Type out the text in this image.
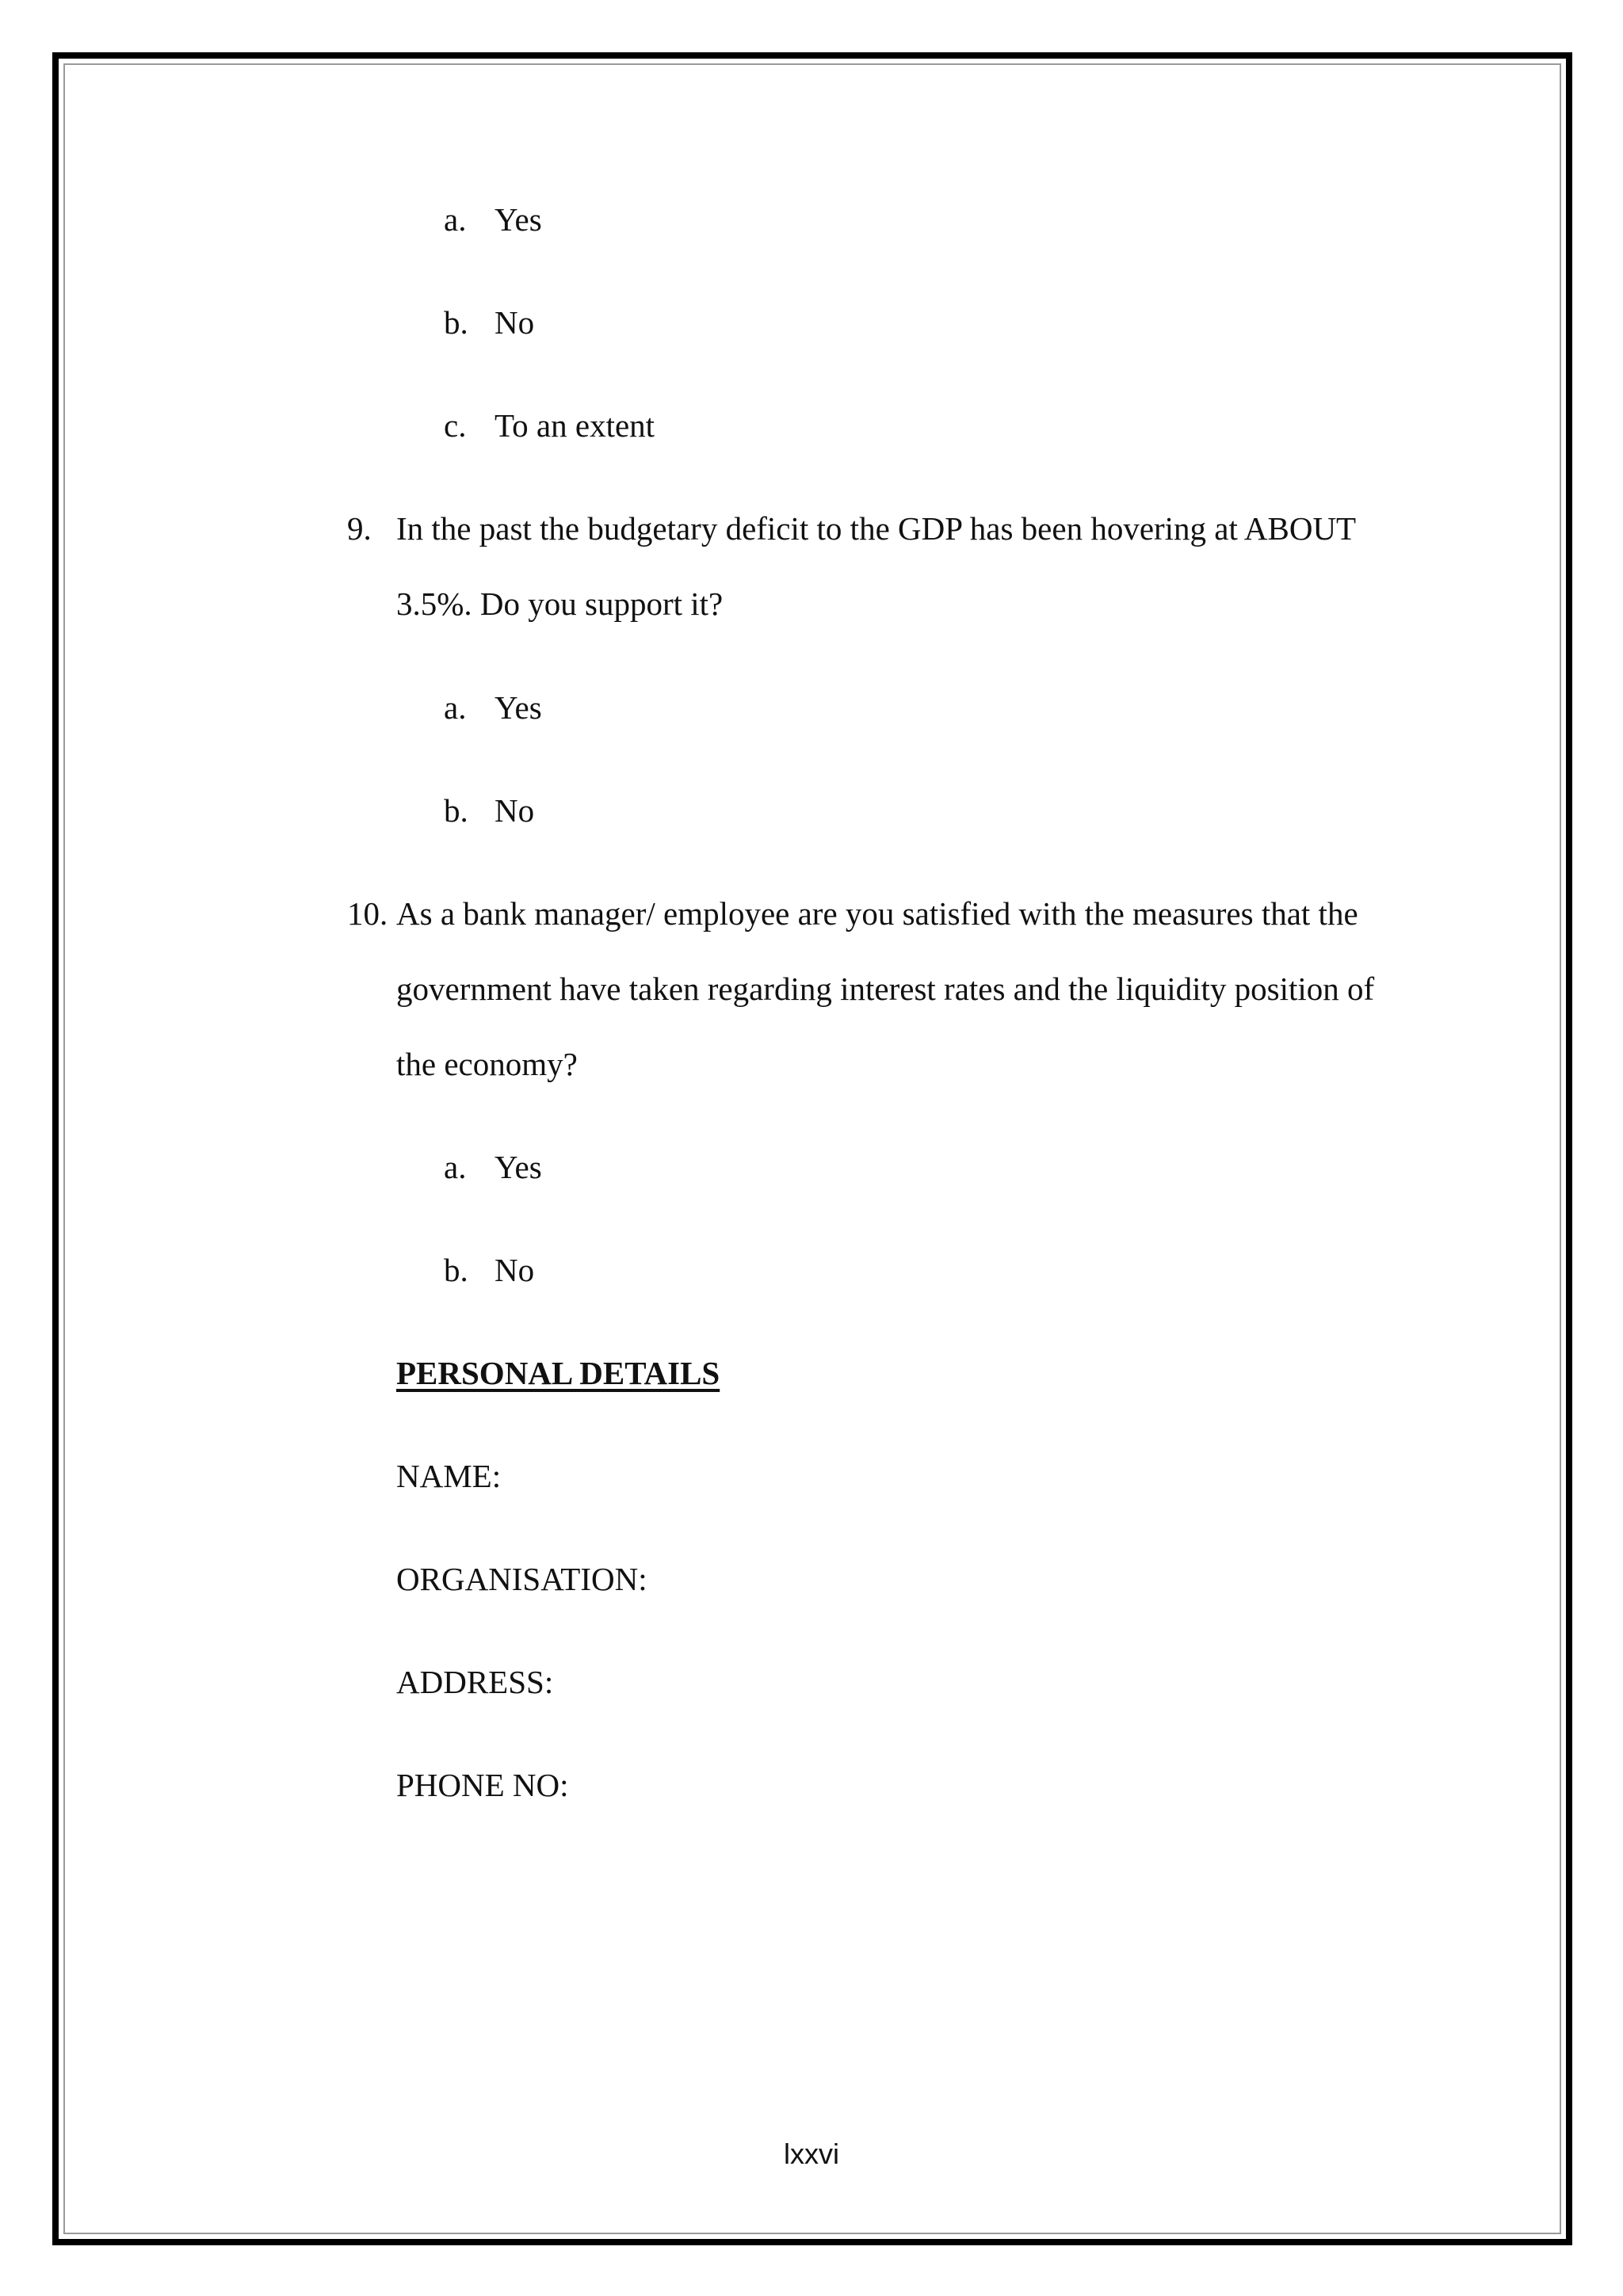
a. Yes
b. No
c. To an extent
9. In the past the budgetary deficit to the GDP has been hovering at ABOUT
3.5%. Do you support it?
a. Yes
b. No
10. As a bank manager/ employee are you satisfied with the measures that the
government have taken regarding interest rates and the liquidity position of
the economy?
a. Yes
b. No
PERSONAL DETAILS
NAME:
ORGANISATION:
ADDRESS:
PHONE NO:
lxxvi
